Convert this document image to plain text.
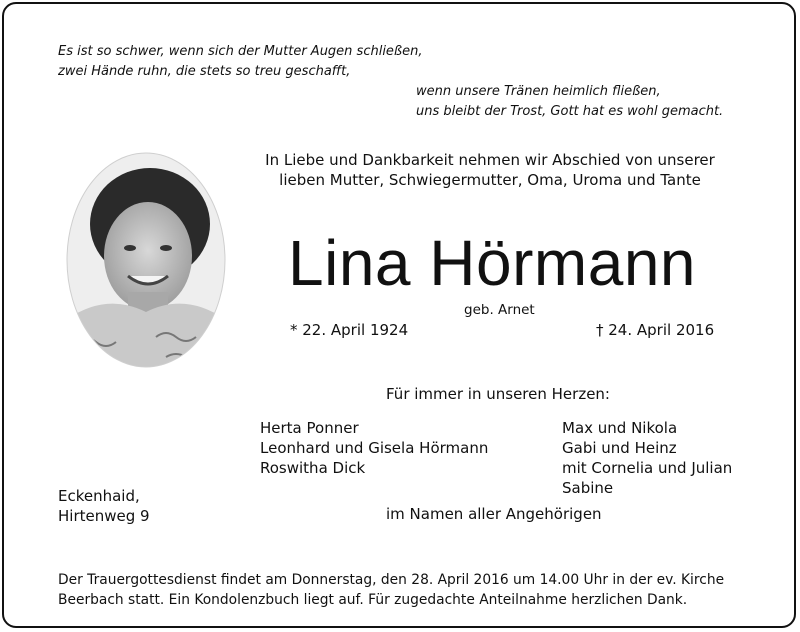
Es ist so schwer, wenn sich der Mutter Augen schließen,
zwei Hände ruhn, die stets so treu geschafft,
wenn unsere Tränen heimlich fließen,
uns bleibt der Trost, Gott hat es wohl gemacht.
In Liebe und Dankbarkeit nehmen wir Abschied von unserer
lieben Mutter, Schwiegermutter, Oma, Uroma und Tante
Lina Hörmann
geb. Arnet
* 22. April 1924	† 24. April 2016
Für immer in unseren Herzen:
Herta Ponner
Leonhard und Gisela Hörmann
Roswitha Dick
Max und Nikola
Gabi und Heinz
mit Cornelia und Julian
Sabine
Eckenhaid,
Hirtenweg 9	im Namen aller Angehörigen
Der Trauergottesdienst findet am Donnerstag, den 28. April 2016 um 14.00 Uhr in der ev. Kirche
Beerbach statt. Ein Kondolenzbuch liegt auf. Für zugedachte Anteilnahme herzlichen Dank.
